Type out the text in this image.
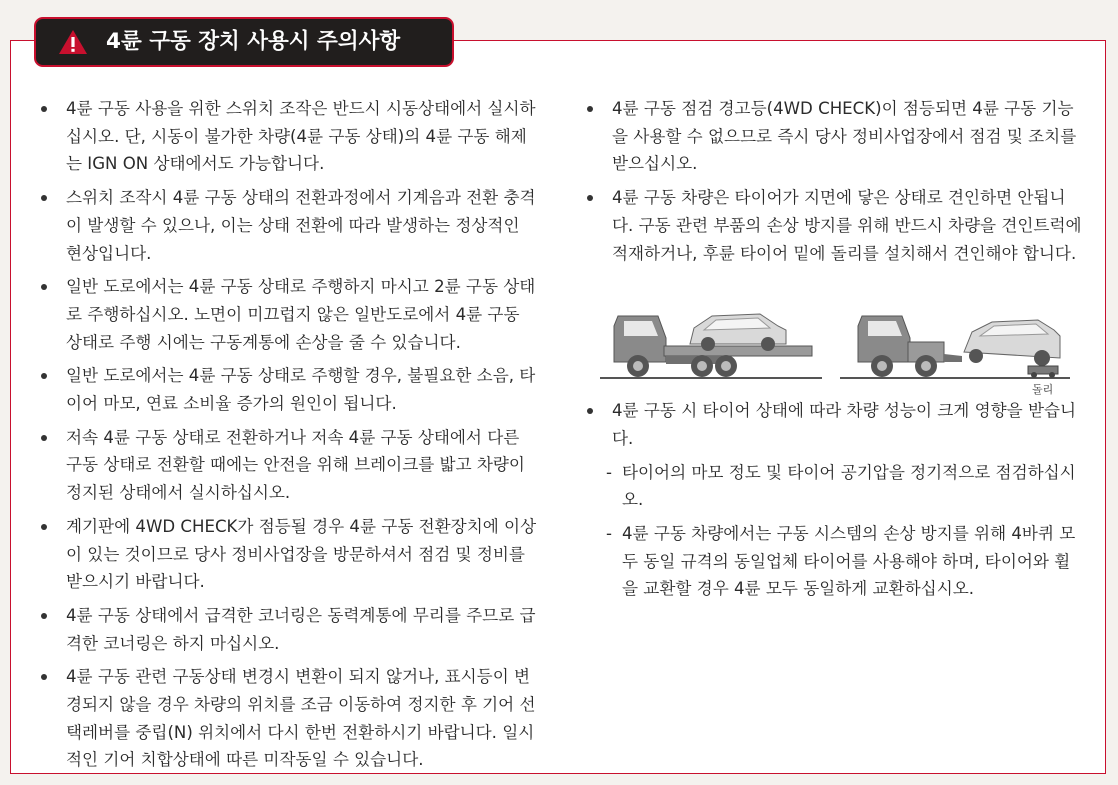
4륜 구동 장치 사용시 주의사항
4륜 구동 사용을 위한 스위치 조작은 반드시 시동상태에서 실시하십시오. 단, 시동이 불가한 차량(4륜 구동 상태)의 4륜 구동 해제는 IGN ON 상태에서도 가능합니다.
스위치 조작시 4륜 구동 상태의 전환과정에서 기계음과 전환 충격이 발생할 수 있으나, 이는 상태 전환에 따라 발생하는 정상적인 현상입니다.
일반 도로에서는 4륜 구동 상태로 주행하지 마시고 2륜 구동 상태로 주행하십시오. 노면이 미끄럽지 않은 일반도로에서 4륜 구동 상태로 주행 시에는 구동계통에 손상을 줄 수 있습니다.
일반 도로에서는 4륜 구동 상태로 주행할 경우, 불필요한 소음, 타이어 마모, 연료 소비율 증가의 원인이 됩니다.
저속 4륜 구동 상태로 전환하거나 저속 4륜 구동 상태에서 다른 구동 상태로 전환할 때에는 안전을 위해 브레이크를 밟고 차량이 정지된 상태에서 실시하십시오.
계기판에 4WD CHECK가 점등될 경우 4륜 구동 전환장치에 이상이 있는 것이므로 당사 정비사업장을 방문하셔서 점검 및 정비를 받으시기 바랍니다.
4륜 구동 상태에서 급격한 코너링은 동력계통에 무리를 주므로 급격한 코너링은 하지 마십시오.
4륜 구동 관련 구동상태 변경시 변환이 되지 않거나, 표시등이 변경되지 않을 경우 차량의 위치를 조금 이동하여 정지한 후 기어 선택레버를 중립(N) 위치에서 다시 한번 전환하시기 바랍니다. 일시적인 기어 치합상태에 따른 미작동일 수 있습니다.
4륜 구동 점검 경고등(4WD CHECK)이 점등되면 4륜 구동 기능을 사용할 수 없으므로 즉시 당사 정비사업장에서 점검 및 조치를 받으십시오.
4륜 구동 차량은 타이어가 지면에 닿은 상태로 견인하면 안됩니다. 구동 관련 부품의 손상 방지를 위해 반드시 차량을 견인트럭에 적재하거나, 후륜 타이어 밑에 돌리를 설치해서 견인해야 합니다.
4륜 구동 시 타이어 상태에 따라 차량 성능이 크게 영향을 받습니다.
- 타이어의 마모 정도 및 타이어 공기압을 정기적으로 점검하십시오.
- 4륜 구동 차량에서는 구동 시스템의 손상 방지를 위해 4바퀴 모두 동일 규격의 동일업체 타이어를 사용해야 하며, 타이어와 휠을 교환할 경우 4륜 모두 동일하게 교환하십시오.
돌리
